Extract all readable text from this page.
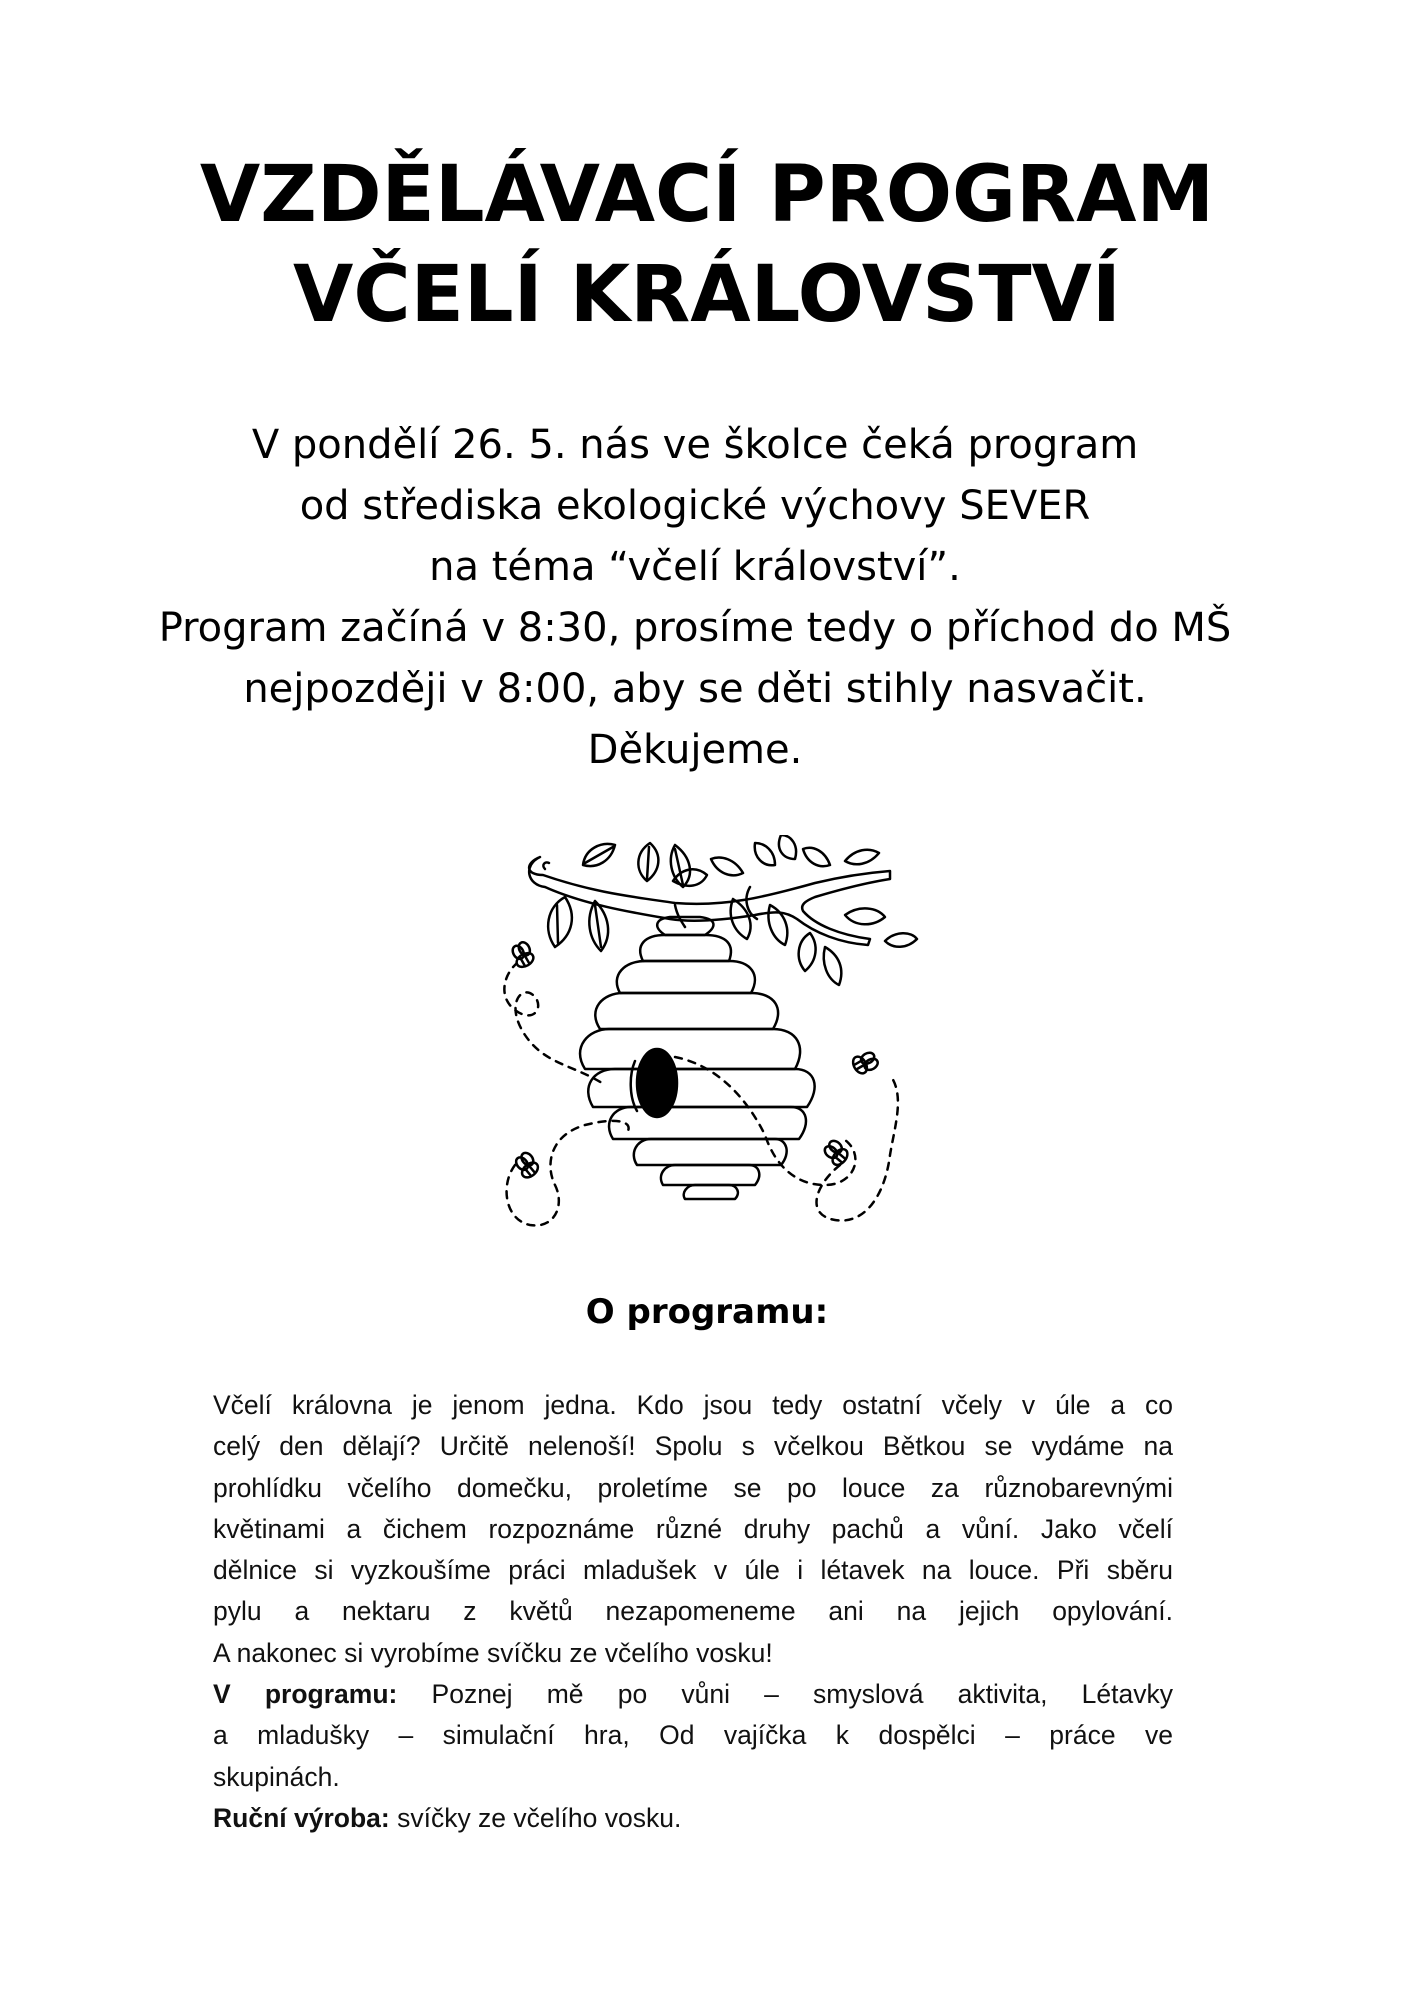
VZDĚLÁVACÍ PROGRAM
VČELÍ KRÁLOVSTVÍ
V pondělí 26. 5. nás ve školce čeká program
od střediska ekologické výchovy SEVER
na téma “včelí království”.
Program začíná v 8:30, prosíme tedy o příchod do MŠ
nejpozději v 8:00, aby se děti stihly nasvačit.
Děkujeme.
O programu:
Včelí královna je jenom jedna. Kdo jsou tedy ostatní včely v úle a co
celý den dělají? Určitě nelenoší! Spolu s včelkou Bětkou se vydáme na
prohlídku včelího domečku, proletíme se po louce za různobarevnými
květinami a čichem rozpoznáme různé druhy pachů a vůní. Jako včelí
dělnice si vyzkoušíme práci mladušek v úle i létavek na louce. Při sběru
pylu a nektaru z květů nezapomeneme ani na jejich opylování.
A nakonec si vyrobíme svíčku ze včelího vosku!
V programu: Poznej mě po vůni – smyslová aktivita, Létavky
a mladušky – simulační hra, Od vajíčka k dospělci – práce ve
skupinách.
Ruční výroba: svíčky ze včelího vosku.
